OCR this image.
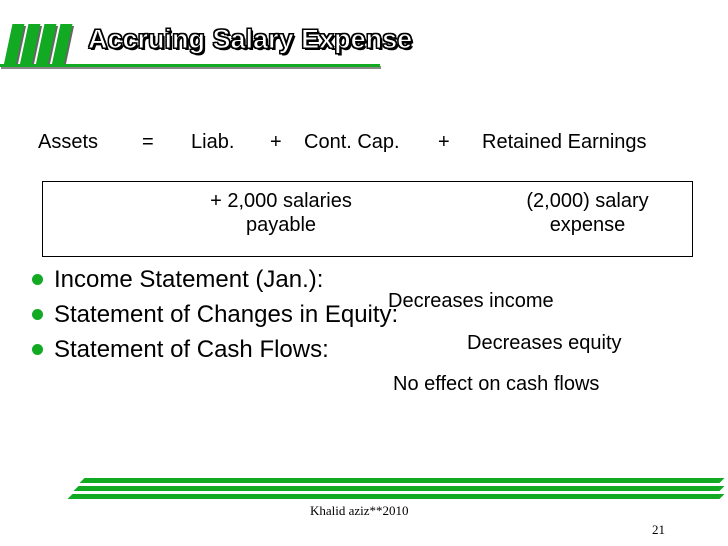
Accruing Salary Expense
Assets = Liab. + Cont. Cap. + Retained Earnings
+ 2,000 salaries
payable
(2,000) salary
expense
Income Statement (Jan.):
Statement of Changes in Equity:
Statement of Cash Flows:
Decreases income
Decreases equity
No effect on cash flows
Khalid aziz**2010
21
